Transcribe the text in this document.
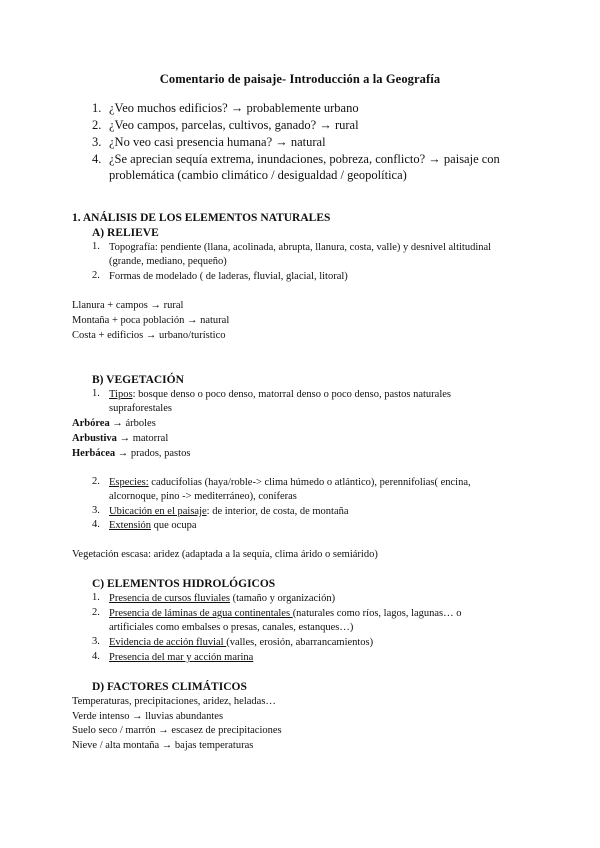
Comentario de paisaje- Introducción a la Geografía
1. ¿Veo muchos edificios? → probablemente urbano
2. ¿Veo campos, parcelas, cultivos, ganado? → rural
3. ¿No veo casi presencia humana? → natural
4. ¿Se aprecian sequía extrema, inundaciones, pobreza, conflicto? → paisaje con
problemática (cambio climático / desigualdad / geopolítica)
1. ANÁLISIS DE LOS ELEMENTOS NATURALES
A) RELIEVE
1. Topografía: pendiente (llana, acolinada, abrupta, llanura, costa, valle) y desnivel altitudinal
(grande, mediano, pequeño)
2. Formas de modelado ( de laderas, fluvial, glacial, litoral)
Llanura + campos → rural
Montaña + poca población → natural
Costa + edificios → urbano/turístico
B) VEGETACIÓN
1. Tipos: bosque denso o poco denso, matorral denso o poco denso, pastos naturales
supraforestales
Arbórea → árboles
Arbustiva → matorral
Herbácea → prados, pastos
2. Especies: caducifolias (haya/roble-> clima húmedo o atlántico), perennifolias( encina,
alcornoque, pino -> mediterráneo), coníferas
3. Ubicación en el paisaje: de interior, de costa, de montaña
4. Extensión que ocupa
Vegetación escasa: aridez (adaptada a la sequía, clima árido o semiárido)
C) ELEMENTOS HIDROLÓGICOS
1. Presencia de cursos fluviales (tamaño y organización)
2. Presencia de láminas de agua continentales (naturales como ríos, lagos, lagunas… o
artificiales como embalses o presas, canales, estanques…)
3. Evidencia de acción fluvial (valles, erosión, abarrancamientos)
4. Presencia del mar y acción marina
D) FACTORES CLIMÁTICOS
Temperaturas, precipitaciones, aridez, heladas…
Verde intenso → lluvias abundantes
Suelo seco / marrón → escasez de precipitaciones
Nieve / alta montaña → bajas temperaturas
